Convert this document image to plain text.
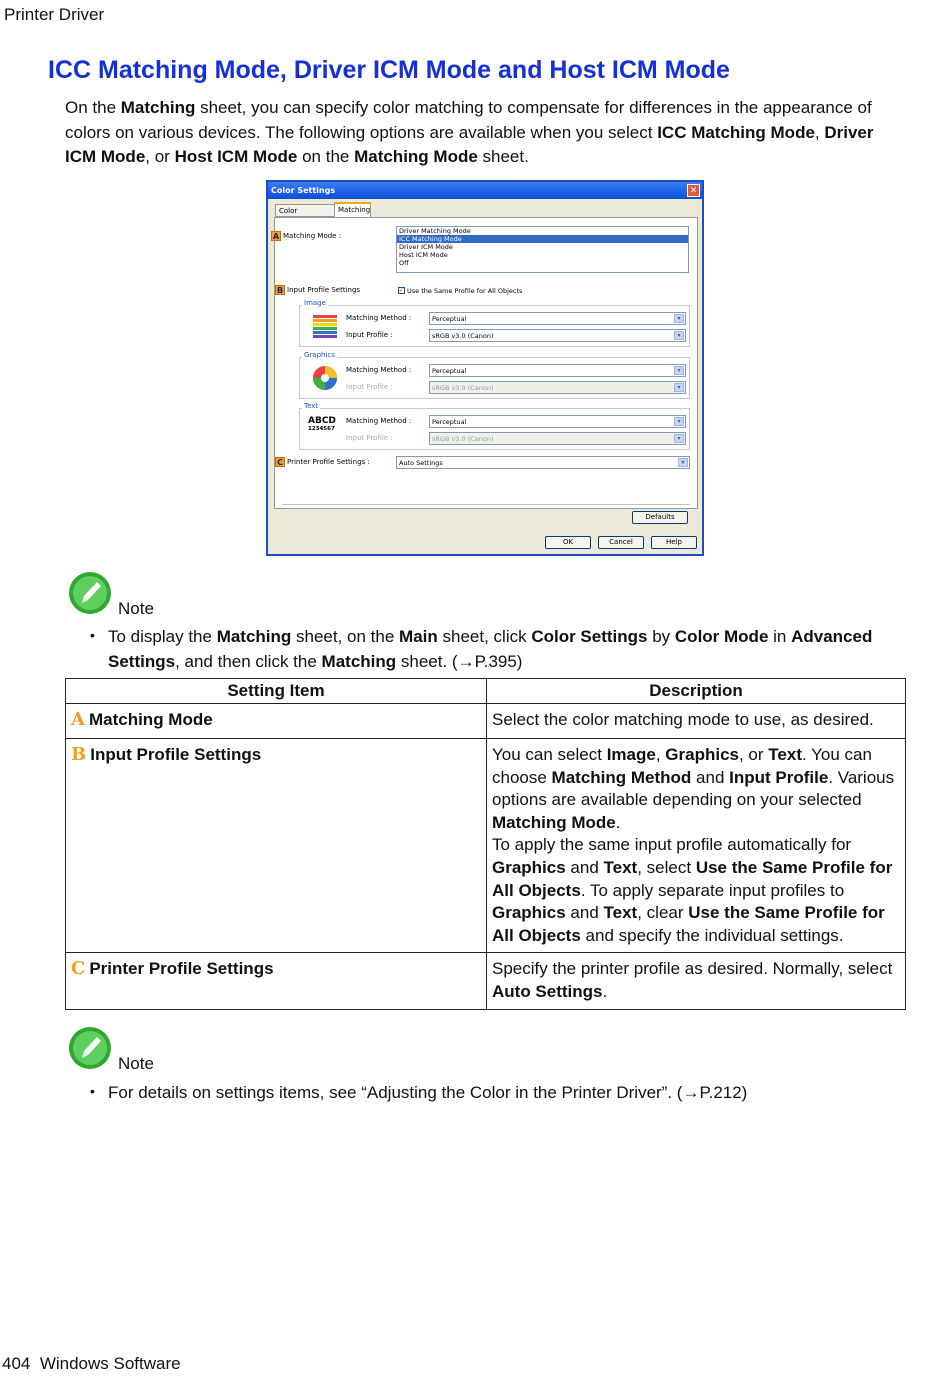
Printer Driver
ICC Matching Mode, Driver ICM Mode and Host ICM Mode
On the Matching sheet, you can specify color matching to compensate for differences in the appearance of colors on various devices. The following options are available when you select ICC Matching Mode, Driver ICM Mode, or Host ICM Mode on the Matching Mode sheet.
Color Settings	✕
Color	Matching
A Matching Mode :
Driver Matching Mode
ICC Matching Mode
Driver ICM Mode
Host ICM Mode
Off
B Input Profile Settings	✓ Use the Same Profile for All Objects
Image
Matching Method :	Perceptual	▾
Input Profile :	sRGB v3.0 (Canon)	▾
Graphics
Matching Method :	Perceptual	▾
Input Profile :	sRGB v3.0 (Canon)	▾
Text
ABCD
1234567
Matching Method :	Perceptual	▾
Input Profile :	sRGB v3.0 (Canon)	▾
C Printer Profile Settings :	Auto Settings	▾
Defaults
OK	Cancel	Help
Note
• To display the Matching sheet, on the Main sheet, click Color Settings by Color Mode in Advanced Settings, and then click the Matching sheet. (→P.395)
Setting Item	Description
A Matching Mode	Select the color matching mode to use, as desired.
B Input Profile Settings	You can select Image, Graphics, or Text. You can choose Matching Method and Input Profile. Various options are available depending on your selected Matching Mode.
To apply the same input profile automatically for Graphics and Text, select Use the Same Profile for All Objects. To apply separate input profiles to Graphics and Text, clear Use the Same Profile for All Objects and specify the individual settings.
C Printer Profile Settings	Specify the printer profile as desired. Normally, select Auto Settings.
Note
• For details on settings items, see “Adjusting the Color in the Printer Driver”. (→P.212)
404 Windows Software
